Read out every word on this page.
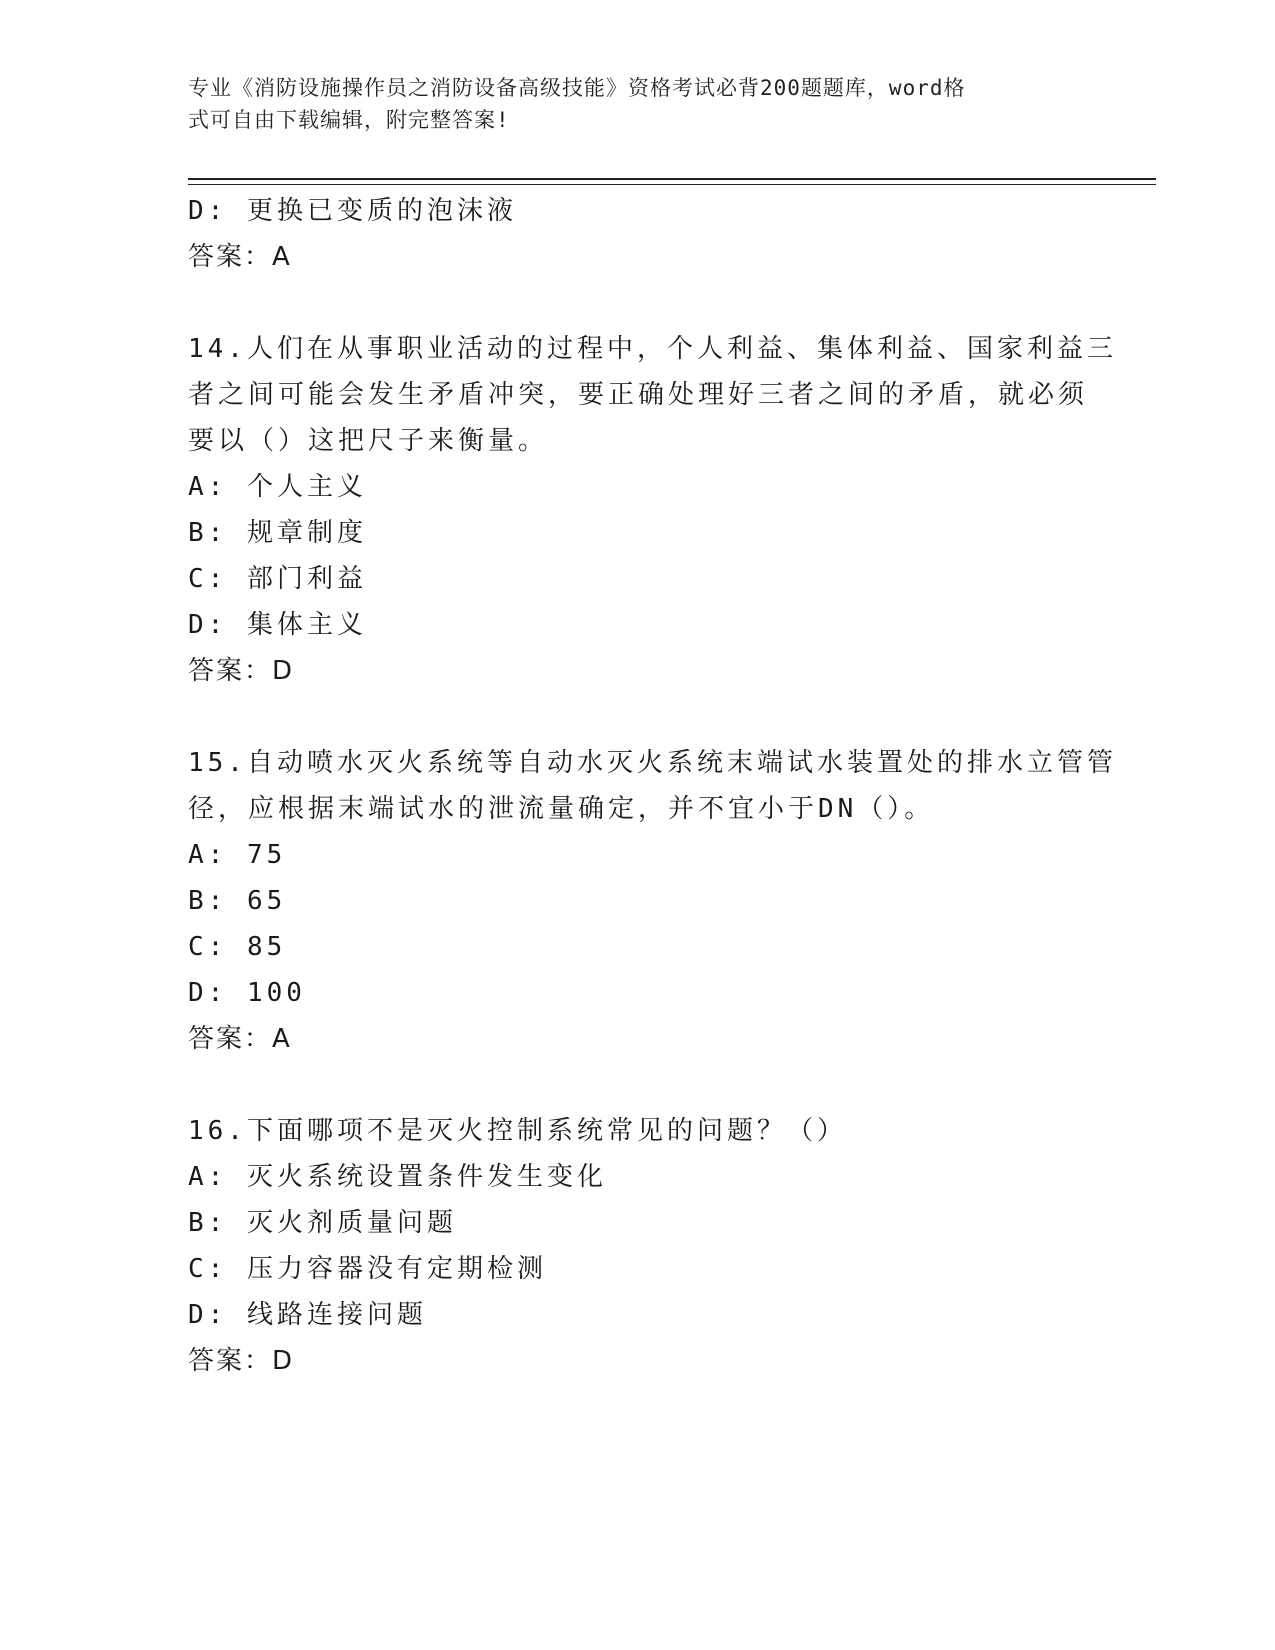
专业《消防设施操作员之消防设备高级技能》资格考试必背200题题库，word格
式可自由下载编辑，附完整答案!
D: 更换已变质的泡沫液
答案：A
14.人们在从事职业活动的过程中，个人利益、集体利益、国家利益三
者之间可能会发生矛盾冲突，要正确处理好三者之间的矛盾，就必须
要以（）这把尺子来衡量。
A: 个人主义
B: 规章制度
C: 部门利益
D: 集体主义
答案：D
15.自动喷水灭火系统等自动水灭火系统末端试水装置处的排水立管管
径，应根据末端试水的泄流量确定，并不宜小于DN（）。
A: 75
B: 65
C: 85
D: 100
答案：A
16.下面哪项不是灭火控制系统常见的问题？（）
A: 灭火系统设置条件发生变化
B: 灭火剂质量问题
C: 压力容器没有定期检测
D: 线路连接问题
答案：D
